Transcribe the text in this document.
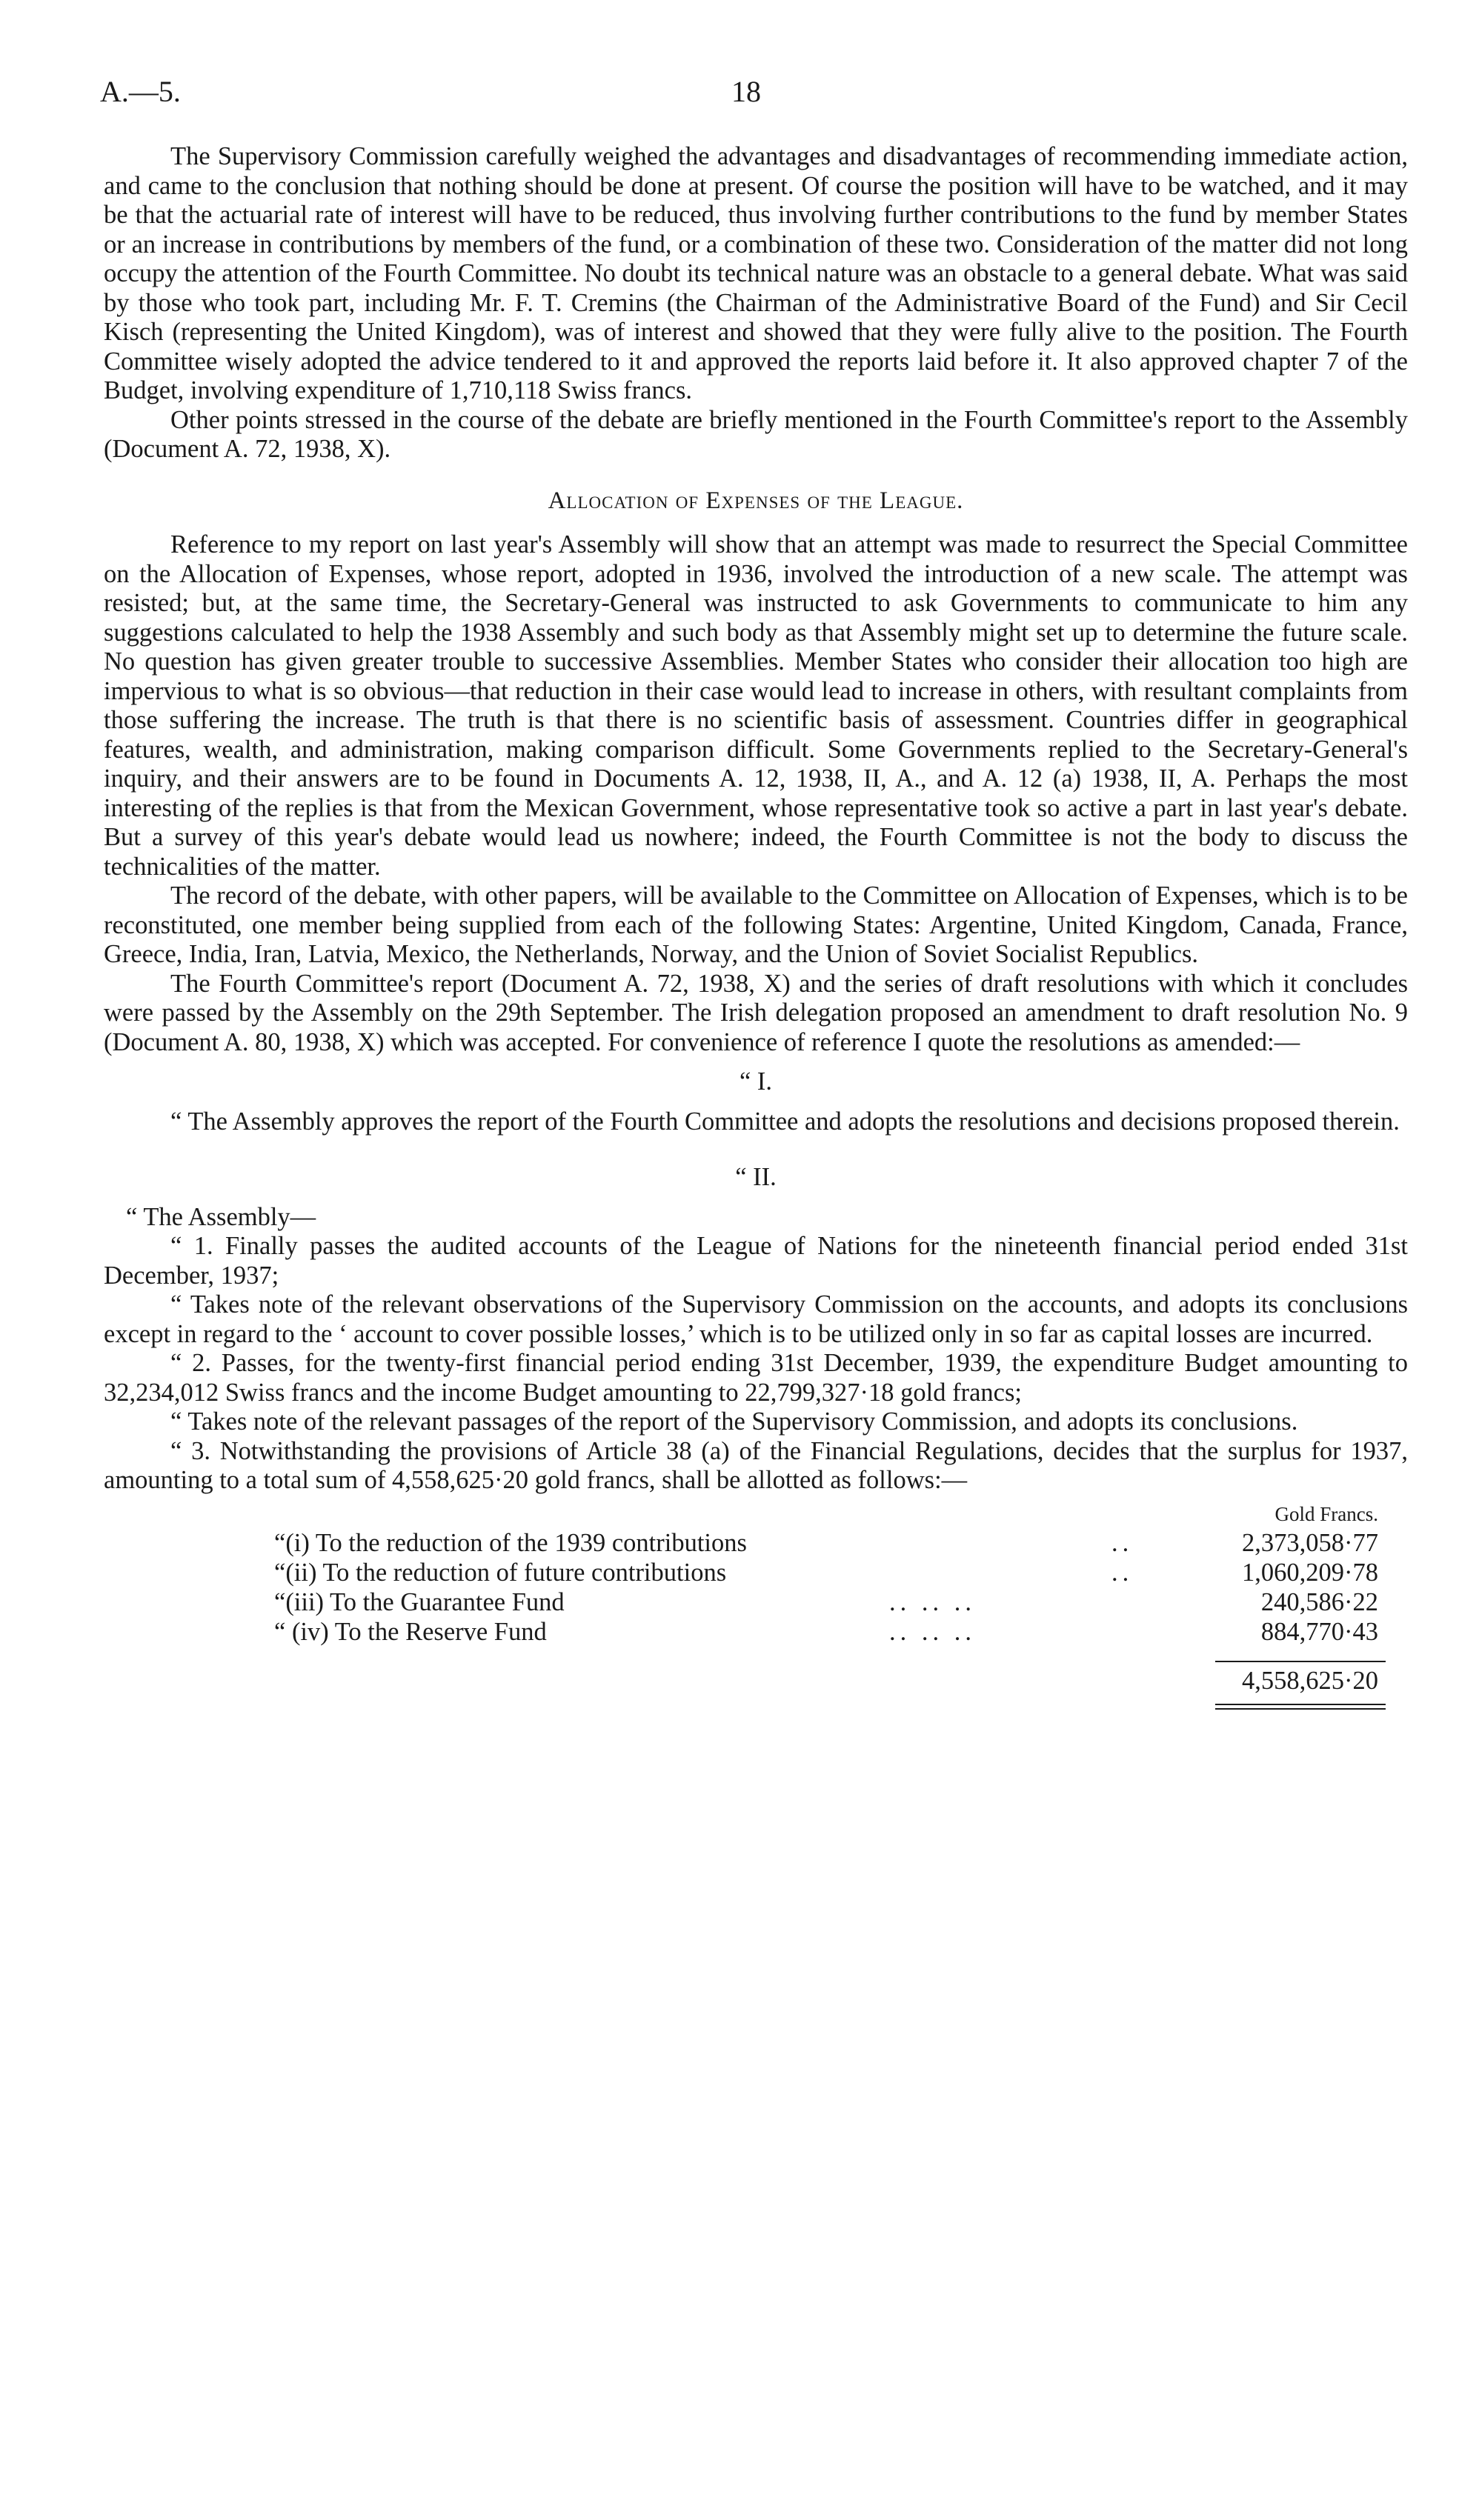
A.—5.	18

The Supervisory Commission carefully weighed the advantages and disadvantages of recommending immediate action, and came to the conclusion that nothing should be done at present. Of course the position will have to be watched, and it may be that the actuarial rate of interest will have to be reduced, thus involving further contributions to the fund by member States or an increase in contributions by members of the fund, or a combination of these two. Consideration of the matter did not long occupy the attention of the Fourth Committee. No doubt its technical nature was an obstacle to a general debate. What was said by those who took part, including Mr. F. T. Cremins (the Chairman of the Administrative Board of the Fund) and Sir Cecil Kisch (representing the United Kingdom), was of interest and showed that they were fully alive to the position. The Fourth Committee wisely adopted the advice tendered to it and approved the reports laid before it. It also approved chapter 7 of the Budget, involving expenditure of 1,710,118 Swiss francs.

Other points stressed in the course of the debate are briefly mentioned in the Fourth Committee's report to the Assembly (Document A. 72, 1938, X).

Allocation of Expenses of the League.

Reference to my report on last year's Assembly will show that an attempt was made to resurrect the Special Committee on the Allocation of Expenses, whose report, adopted in 1936, involved the introduction of a new scale. The attempt was resisted; but, at the same time, the Secretary-General was instructed to ask Governments to communicate to him any suggestions calculated to help the 1938 Assembly and such body as that Assembly might set up to determine the future scale. No question has given greater trouble to successive Assemblies. Member States who consider their allocation too high are impervious to what is so obvious—that reduction in their case would lead to increase in others, with resultant complaints from those suffering the increase. The truth is that there is no scientific basis of assessment. Countries differ in geographical features, wealth, and administration, making comparison difficult. Some Governments replied to the Secretary-General's inquiry, and their answers are to be found in Documents A. 12, 1938, II, A., and A. 12 (a) 1938, II, A. Perhaps the most interesting of the replies is that from the Mexican Government, whose representative took so active a part in last year's debate. But a survey of this year's debate would lead us nowhere; indeed, the Fourth Committee is not the body to discuss the technicalities of the matter.

The record of the debate, with other papers, will be available to the Committee on Allocation of Expenses, which is to be reconstituted, one member being supplied from each of the following States: Argentine, United Kingdom, Canada, France, Greece, India, Iran, Latvia, Mexico, the Netherlands, Norway, and the Union of Soviet Socialist Republics.

The Fourth Committee's report (Document A. 72, 1938, X) and the series of draft resolutions with which it concludes were passed by the Assembly on the 29th September. The Irish delegation proposed an amendment to draft resolution No. 9 (Document A. 80, 1938, X) which was accepted. For convenience of reference I quote the resolutions as amended:—

“ I.

“ The Assembly approves the report of the Fourth Committee and adopts the resolutions and decisions proposed therein.

“ II.

“ The Assembly—

“ 1. Finally passes the audited accounts of the League of Nations for the nineteenth financial period ended 31st December, 1937;

“ Takes note of the relevant observations of the Supervisory Commission on the accounts, and adopts its conclusions except in regard to the ‘ account to cover possible losses,’ which is to be utilized only in so far as capital losses are incurred.

“ 2. Passes, for the twenty-first financial period ending 31st December, 1939, the expenditure Budget amounting to 32,234,012 Swiss francs and the income Budget amounting to 22,799,327·18 gold francs;

“ Takes note of the relevant passages of the report of the Supervisory Commission, and adopts its conclusions.

“ 3. Notwithstanding the provisions of Article 38 (a) of the Financial Regulations, decides that the surplus for 1937, amounting to a total sum of 4,558,625·20 gold francs, shall be allotted as follows:—

Gold Francs.
“(i) To the reduction of the 1939 contributions	..	2,373,058·77
“(ii) To the reduction of future contributions	..	1,060,209·78
“(iii) To the Guarantee Fund	.. .. ..	240,586·22
“ (iv) To the Reserve Fund	.. .. ..	884,770·43
4,558,625·20
